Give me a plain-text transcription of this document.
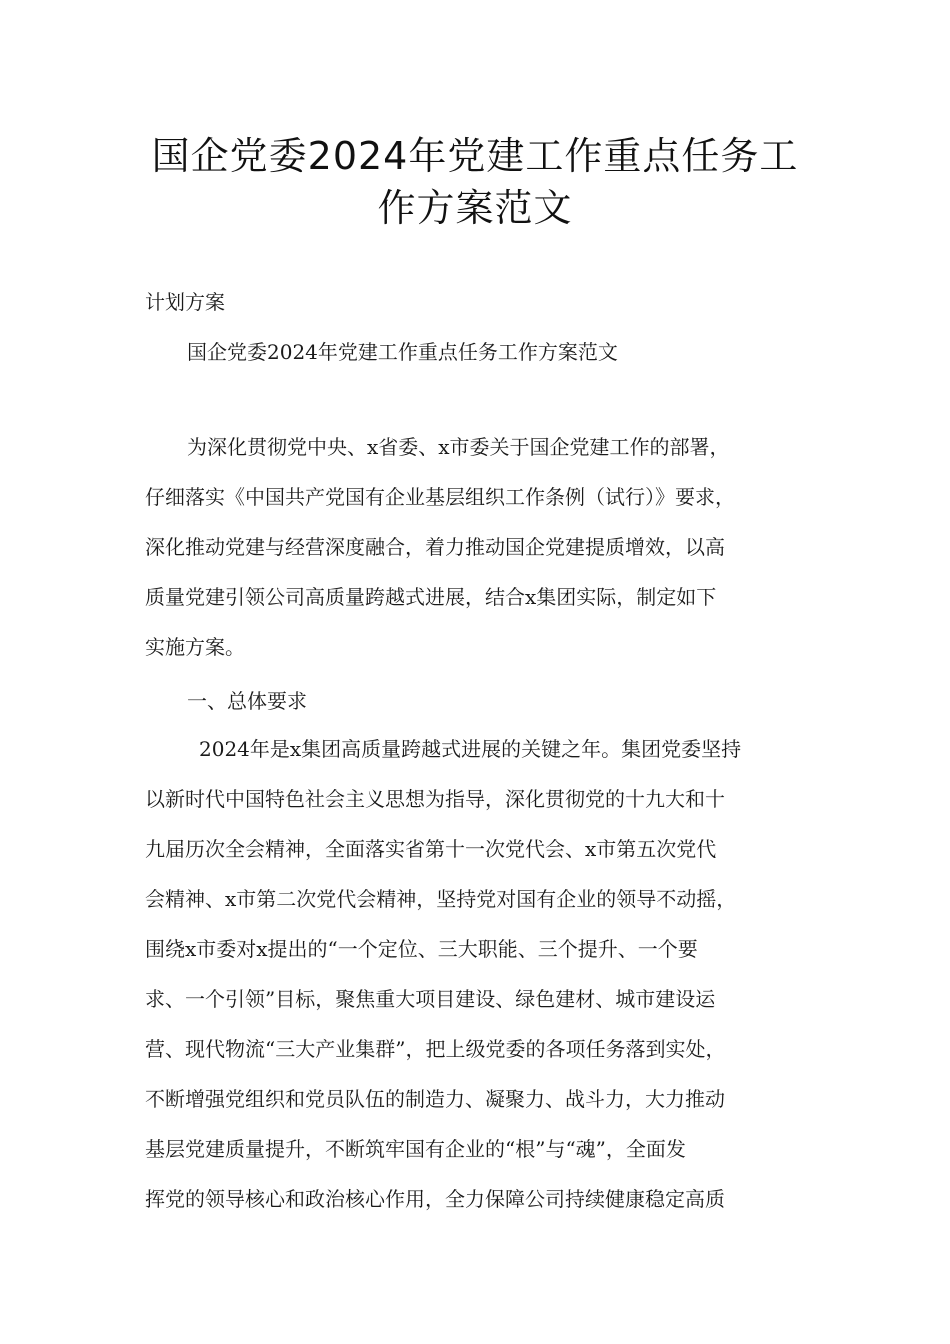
国企党委2024年党建工作重点任务工
作方案范文

计划方案

国企党委2024年党建工作重点任务工作方案范文

为深化贯彻党中央、x省委、x市委关于国企党建工作的部署，
仔细落实《中国共产党国有企业基层组织工作条例（试行）》要求，
深化推动党建与经营深度融合，着力推动国企党建提质增效，以高
质量党建引领公司高质量跨越式进展，结合x集团实际，制定如下
实施方案。

一、总体要求

2024年是x集团高质量跨越式进展的关键之年。集团党委坚持
以新时代中国特色社会主义思想为指导，深化贯彻党的十九大和十
九届历次全会精神，全面落实省第十一次党代会、x市第五次党代
会精神、x市第二次党代会精神，坚持党对国有企业的领导不动摇，
围绕x市委对x提出的“一个定位、三大职能、三个提升、一个要
求、一个引领”目标，聚焦重大项目建设、绿色建材、城市建设运
营、现代物流“三大产业集群”，把上级党委的各项任务落到实处，
不断增强党组织和党员队伍的制造力、凝聚力、战斗力，大力推动
基层党建质量提升，不断筑牢国有企业的“根”与“魂”，全面发
挥党的领导核心和政治核心作用，全力保障公司持续健康稳定高质
